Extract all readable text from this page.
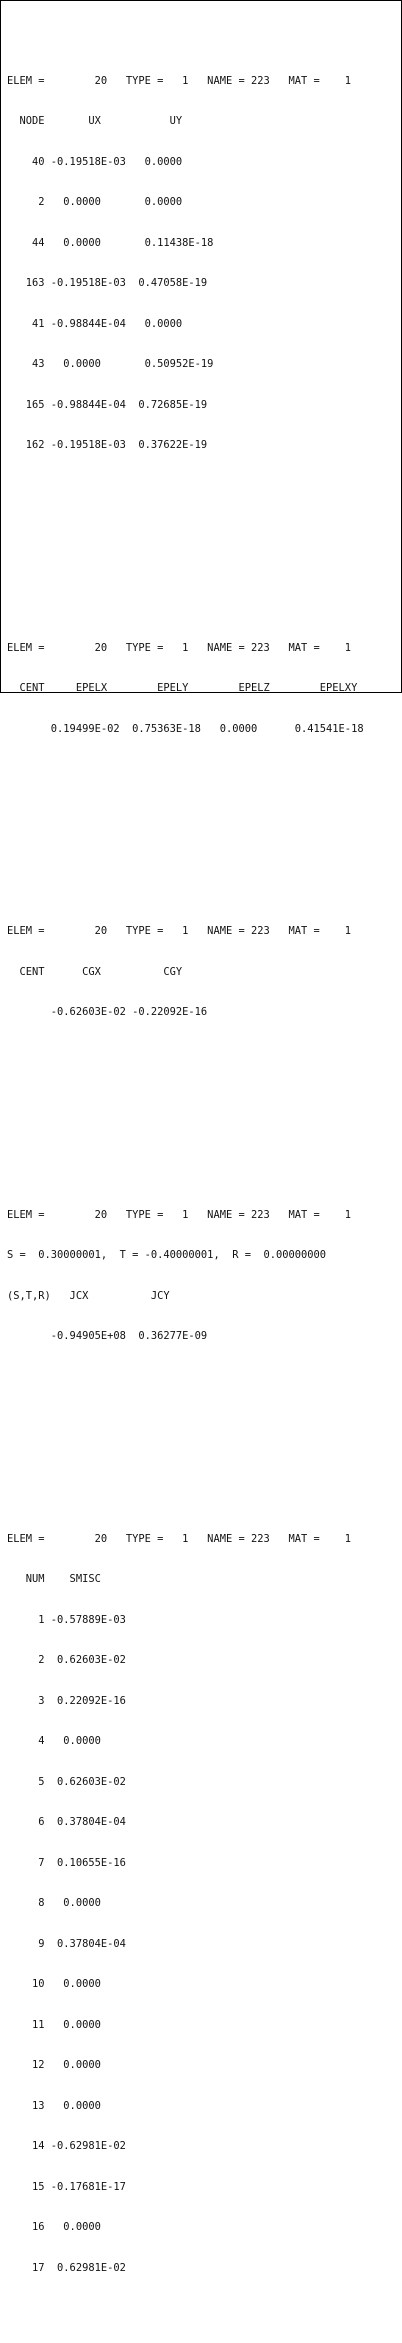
ELEM =        20   TYPE =   1   NAME = 223   MAT =    1

NODE       UX           UY

40 -0.19518E-03   0.0000

2   0.0000       0.0000

44   0.0000       0.11438E-18

163 -0.19518E-03  0.47058E-19

41 -0.98844E-04   0.0000

43   0.0000       0.50952E-19

165 -0.98844E-04  0.72685E-19

162 -0.19518E-03  0.37622E-19

ELEM =        20   TYPE =   1   NAME = 223   MAT =    1

CENT     EPELX        EPELY        EPELZ        EPELXY

0.19499E-02  0.75363E-18   0.0000      0.41541E-18

ELEM =        20   TYPE =   1   NAME = 223   MAT =    1

CENT      CGX          CGY

-0.62603E-02 -0.22092E-16

ELEM =        20   TYPE =   1   NAME = 223   MAT =    1

S =  0.30000001,  T = -0.40000001,  R =  0.00000000

(S,T,R)   JCX          JCY

-0.94905E+08  0.36277E-09

ELEM =        20   TYPE =   1   NAME = 223   MAT =    1

NUM    SMISC

1 -0.57889E-03

2  0.62603E-02

3  0.22092E-16

4   0.0000

5  0.62603E-02

6  0.37804E-04

7  0.10655E-16

8   0.0000

9  0.37804E-04

10   0.0000

11   0.0000

12   0.0000

13   0.0000

14 -0.62981E-02

15 -0.17681E-17

16   0.0000

17  0.62981E-02
